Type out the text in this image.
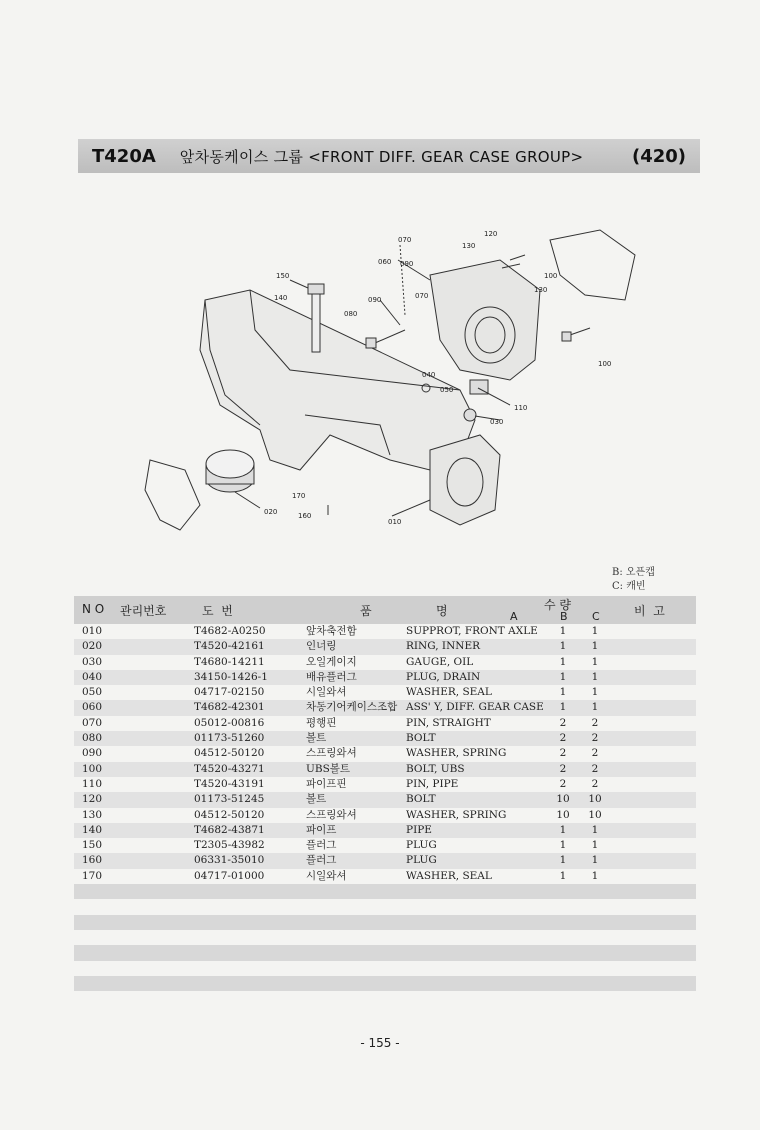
T420A 앞차동케이스 그룹 <FRONT DIFF. GEAR CASE GROUP>	(420)
070
060 090
120
130
100
150
140	090	070
080
130
100
040
050
110
030
170
160
020
010
B: 오픈캡
C: 캐빈
N O 관리번호	도  번	품	명	수 량
A	B C	비  고
010	T4682-A0250	앞차축전함	SUPPROT, FRONT AXLE	1	1
020	T4520-42161	인너링	RING, INNER	1	1
030	T4680-14211	오일게이지	GAUGE, OIL	1	1
040	34150-1426-1	배유플러그	PLUG, DRAIN	1	1
050	04717-02150	시일와셔	WASHER, SEAL	1	1
060	T4682-42301	차동기어케이스조합 ASS' Y, DIFF. GEAR CASE	1	1
070	05012-00816	평행핀	PIN, STRAIGHT	2	2
080	01173-51260	볼트	BOLT	2	2
090	04512-50120	스프링와셔	WASHER, SPRING	2	2
100	T4520-43271	UBS볼트	BOLT, UBS	2	2
110	T4520-43191	파이프핀	PIN, PIPE	2	2
120	01173-51245	볼트	BOLT	10 10
130	04512-50120	스프링와셔	WASHER, SPRING	10 10
140	T4682-43871	파이프	PIPE	1	1
150	T2305-43982	플러그	PLUG	1	1
160	06331-35010	플러그	PLUG	1	1
170	04717-01000	시일와셔	WASHER, SEAL	1	1
- 155 -
